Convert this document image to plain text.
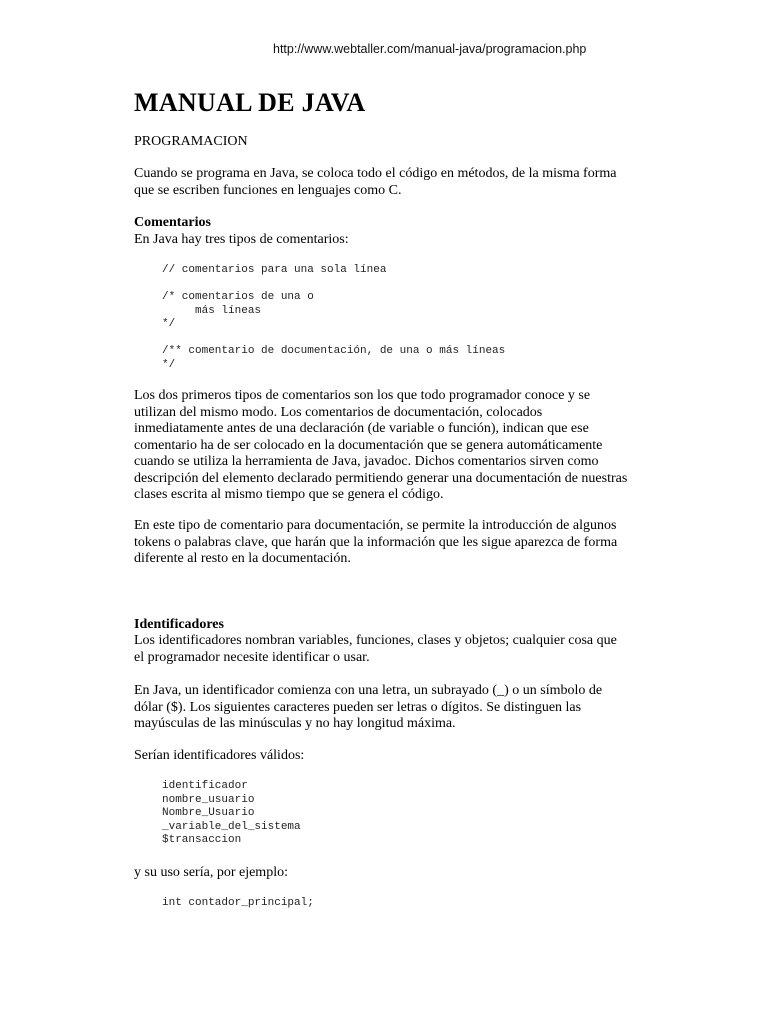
http://www.webtaller.com/manual-java/programacion.php
MANUAL DE JAVA
PROGRAMACION
Cuando se programa en Java, se coloca todo el código en métodos, de la misma forma
que se escriben funciones en lenguajes como C.
Comentarios
En Java hay tres tipos de comentarios:
// comentarios para una sola línea
/* comentarios de una o
más líneas
*/
/** comentario de documentación, de una o más líneas
*/
Los dos primeros tipos de comentarios son los que todo programador conoce y se
utilizan del mismo modo. Los comentarios de documentación, colocados
inmediatamente antes de una declaración (de variable o función), indican que ese
comentario ha de ser colocado en la documentación que se genera automáticamente
cuando se utiliza la herramienta de Java, javadoc. Dichos comentarios sirven como
descripción del elemento declarado permitiendo generar una documentación de nuestras
clases escrita al mismo tiempo que se genera el código.
En este tipo de comentario para documentación, se permite la introducción de algunos
tokens o palabras clave, que harán que la información que les sigue aparezca de forma
diferente al resto en la documentación.
Identificadores
Los identificadores nombran variables, funciones, clases y objetos; cualquier cosa que
el programador necesite identificar o usar.
En Java, un identificador comienza con una letra, un subrayado (_) o un símbolo de
dólar ($). Los siguientes caracteres pueden ser letras o dígitos. Se distinguen las
mayúsculas de las minúsculas y no hay longitud máxima.
Serían identificadores válidos:
identificador
nombre_usuario
Nombre_Usuario
_variable_del_sistema
$transaccion
y su uso sería, por ejemplo:
int contador_principal;
